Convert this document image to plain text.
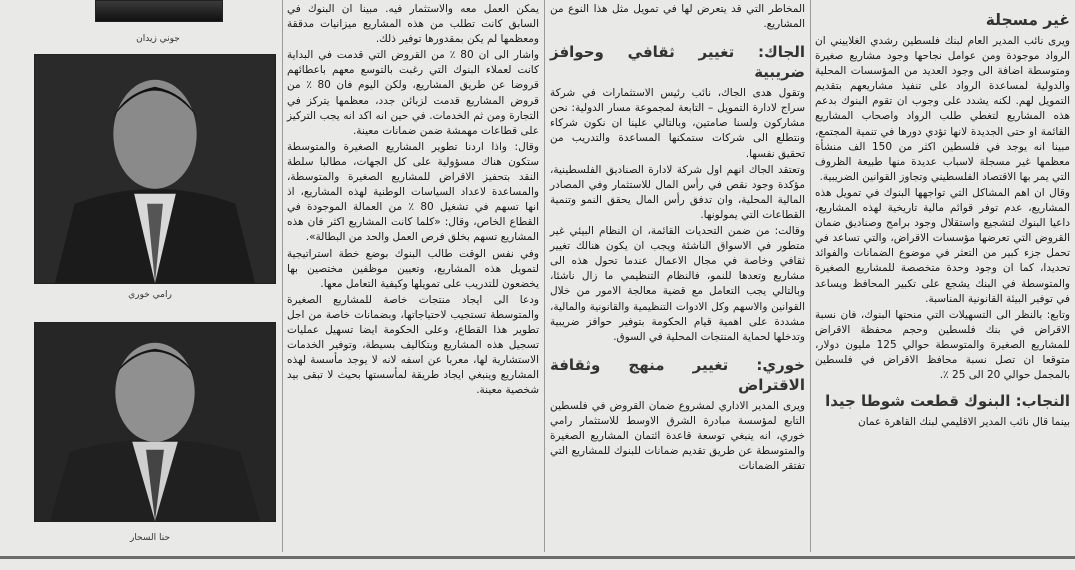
جوني زيدان
رامي خوري
حنا السحار

يمكن العمل معه والاستثمار فيه. مبينا ان البنوك في السابق كانت تطلب من هذه المشاريع ميزانيات مدققة ومعظمها لم يكن بمقدورها توفير ذلك.

واشار الى ان 80 ٪ من القروض التي قدمت في البداية كانت لعملاء البنوك التي رغبت بالتوسع معهم باعطائهم قروضا عن طريق المشاريع، ولكن اليوم فان 80 ٪ من قروض المشاريع قدمت لزبائن جدد، معظمها يتركز في التجارة ومن ثم الخدمات. في حين انه اكد انه يجب التركيز على قطاعات مهمشة ضمن ضمانات معينة.

وقال: واذا اردنا تطوير المشاريع الصغيرة والمتوسطة ستكون هناك مسؤولية على كل الجهات، مطالبا سلطة النقد بتحفيز الاقراض للمشاريع الصغيرة والمتوسطة، والمساعدة لاعداد السياسات الوطنية لهذه المشاريع، اذ انها تسهم في تشغيل 80 ٪ من العمالة الموجودة في القطاع الخاص، وقال: «كلما كانت المشاريع اكثر فان هذه المشاريع تسهم بخلق فرص العمل والحد من البطالة».

وفي نفس الوقت طالب البنوك بوضع خطة استراتيجية لتمويل هذه المشاريع، وتعيين موظفين مختصين بها يخضعون للتدريب على تمويلها وكيفية التعامل معها.

ودعا الى ايجاد منتجات خاصة للمشاريع الصغيرة والمتوسطة تستجيب لاحتياجاتها، وبضمانات خاصة من اجل تطوير هذا القطاع، وعلى الحكومة ايضا تسهيل عمليات تسجيل هذه المشاريع وبتكاليف بسيطة، وتوفير الخدمات الاستشارية لها، معربا عن اسفه لانه لا يوجد مأسسة لهذه المشاريع وينبغي ايجاد طريقة لمأسستها بحيث لا تبقى بيد شخصية معينة.

المخاطر التي قد يتعرض لها في تمويل مثل هذا النوع من المشاريع.

الجاك: تغيير ثقافي وحوافز ضريبية

وتقول هدى الجاك، نائب رئيس الاستثمارات في شركة سراج لادارة التمويل – التابعة لمجموعة مسار الدولية: نحن مشاركون ولسنا صامتين، وبالتالي علينا ان نكون شركاء ونتطلع الى شركات ستمكنها المساعدة والتدريب من تحقيق نفسها.

وتعتقد الجاك انهم اول شركة لادارة الصناديق الفلسطينية، مؤكدة وجود نقص في رأس المال للاستثمار وفي المصادر المالية المحلية، وان تدفق رأس المال يحقق النمو وتنمية القطاعات التي يمولونها.

وقالت: من ضمن التحديات القائمة، ان النظام البيئي غير متطور في الاسواق الناشئة ويجب ان يكون هنالك تغيير ثقافي وخاصة في مجال الاعمال عندما تحول هذه الى مشاريع وتعدها للنمو، فالنظام التنظيمي ما زال ناشئا، وبالتالي يجب التعامل مع قضية معالجة الامور من خلال القوانين والاسهم وكل الادوات التنظيمية والقانونية والمالية، مشددة على اهمية قيام الحكومة بتوفير حوافز ضريبية وتدخلها لحماية المنتجات المحلية في السوق.

خوري: تغيير منهج وثقافة الاقتراض

ويرى المدير الاداري لمشروع ضمان القروض في فلسطين التابع لمؤسسة مبادرة الشرق الاوسط للاستثمار رامي خوري، انه ينبغي توسعة قاعدة ائتمان المشاريع الصغيرة والمتوسطة عن طريق تقديم ضمانات للبنوك للمشاريع التي تفتقر الضمانات

غير مسجلة

ويرى نائب المدير العام لبنك فلسطين رشدي الغلاييني ان الرواد موجودة ومن عوامل نجاحها وجود مشاريع صغيرة ومتوسطة اضافة الى وجود العديد من المؤسسات المحلية والدولية لمساعدة الرواد على تنفيذ مشاريعهم بتقديم التمويل لهم. لكنه يشدد على وجوب ان تقوم البنوك بدعم هذه المشاريع لتغطي طلب الرواد واصحاب المشاريع القائمة او حتى الجديدة لانها تؤدي دورها في تنمية المجتمع، مبينا انه يوجد في فلسطين اكثر من 150 الف منشأة معظمها غير مسجلة لاسباب عديدة منها طبيعة الظروف التي يمر بها الاقتصاد الفلسطيني وتجاوز القوانين الضريبية.

وقال ان اهم المشاكل التي تواجهها البنوك في تمويل هذه المشاريع، عدم توفر قوائم مالية تاريخية لهذه المشاريع، داعيا البنوك لتشجيع واستقلال وجود برامج وصناديق ضمان القروض التي تعرضها مؤسسات الاقراض، والتي تساعد في تحمل جزء كبير من التعثر في موضوع الضمانات والفوائد تحديدا، كما ان وجود وحدة متخصصة للمشاريع الصغيرة والمتوسطة في البنك يشجع على تكبير المحافظ ويساعد في توفير البيئة القانونية المناسبة.

وتابع: بالنظر الى التسهيلات التي منحتها البنوك، فان نسبة الاقراض في بنك فلسطين وحجم محفظة الاقراض للمشاريع الصغيرة والمتوسطة حوالي 125 مليون دولار، متوقعا ان تصل نسبة محافظ الاقراض في فلسطين بالمجمل حوالي 20 الى 25 ٪.

النجاب: البنوك قطعت شوطا جيدا

بينما قال نائب المدير الاقليمي لبنك القاهرة عمان
